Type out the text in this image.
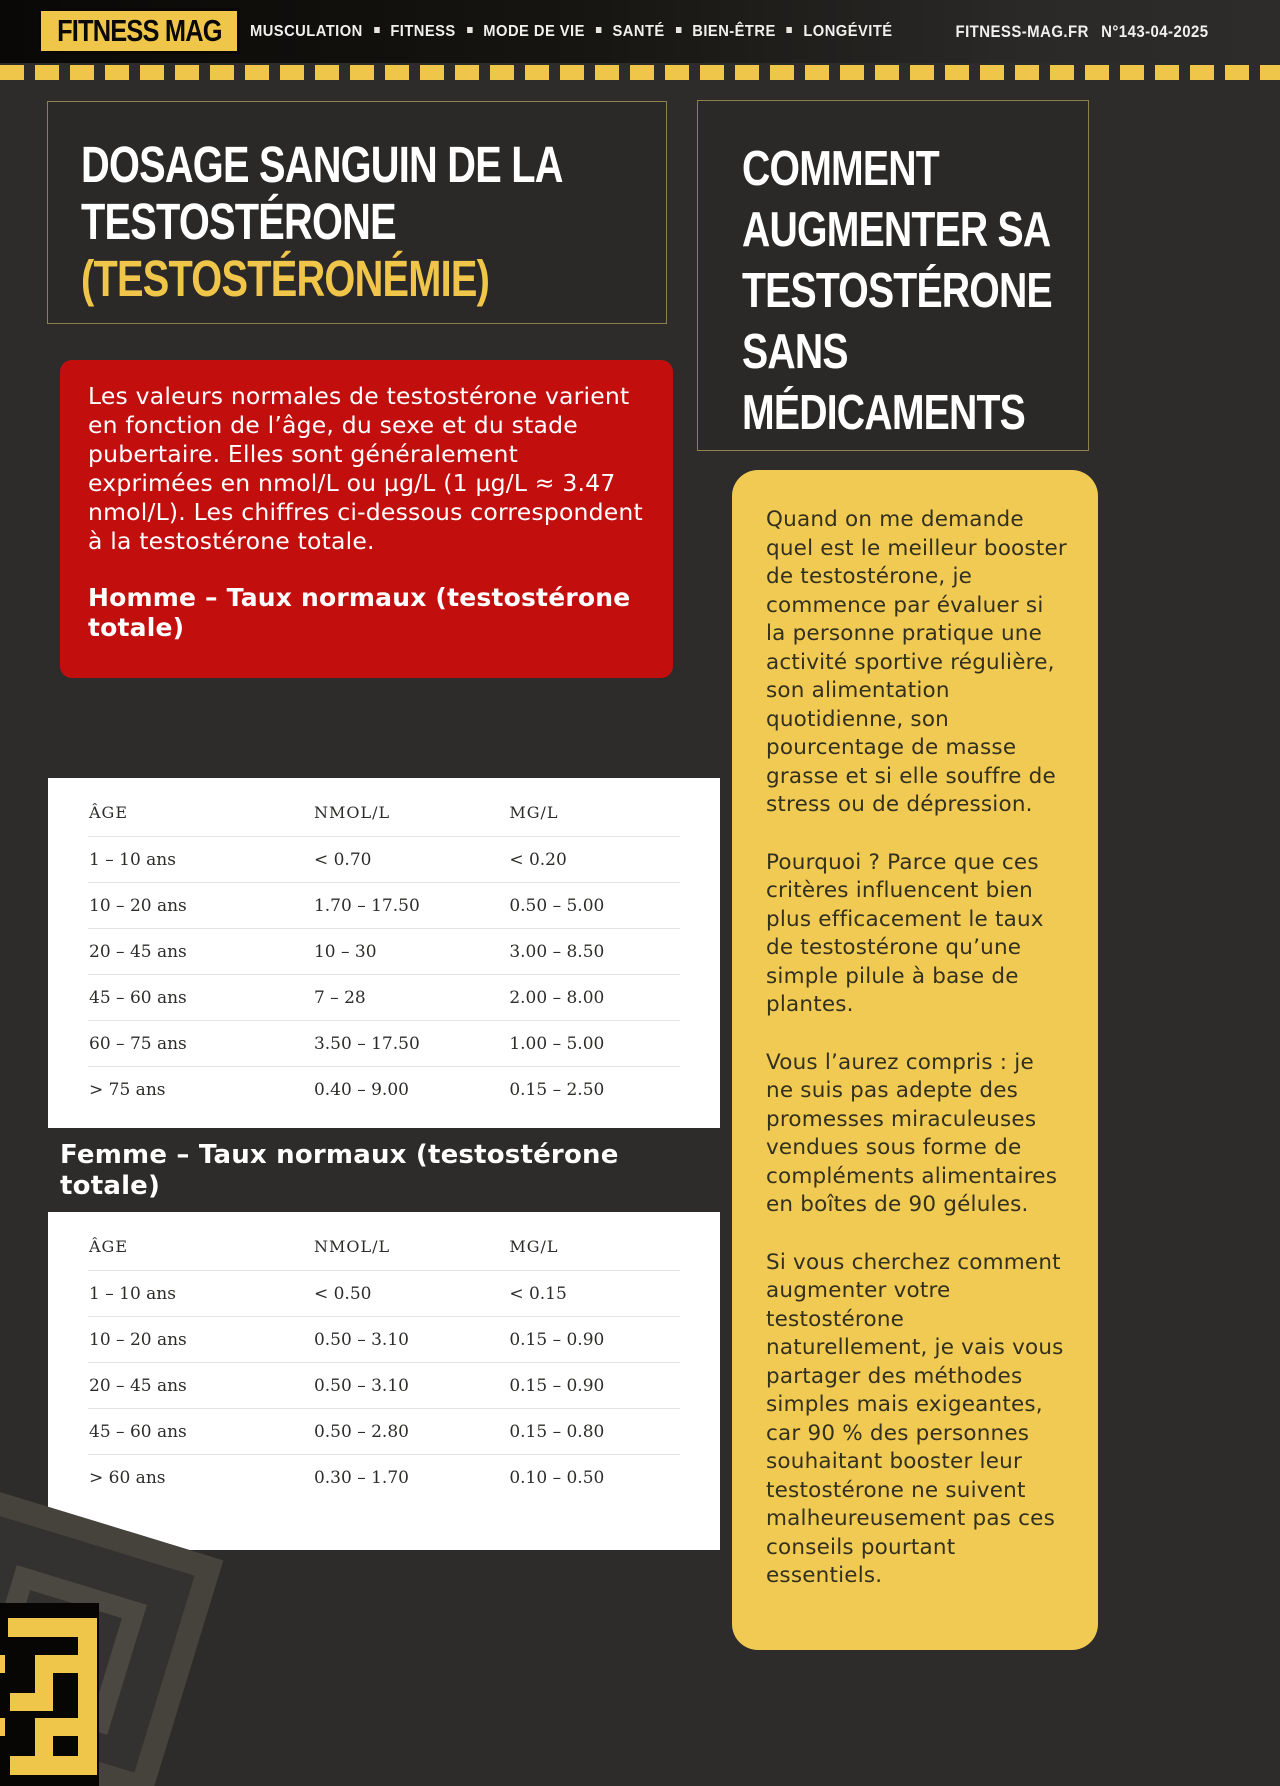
FITNESS MAG MUSCULATION	FITNESS	MODE DE VIE	SANTÉ	BIEN-ÊTRE	LONGÉVITÉ	FITNESS-MAG.FR N°143-04-2025
DOSAGE SANGUIN DE LA
TESTOSTÉRONE
(TESTOSTÉRONÉMIE)

Les valeurs normales de testostérone varient en fonction de l’âge, du sexe et du stade pubertaire. Elles sont généralement exprimées en nmol/L ou µg/L (1 µg/L ≈ 3.47 nmol/L). Les chiffres ci-dessous correspondent à la testostérone totale.

Homme – Taux normaux (testostérone totale)

ÂGE	NMOL/L	MG/L
1 – 10 ans	< 0.70	< 0.20
10 – 20 ans	1.70 – 17.50	0.50 – 5.00
20 – 45 ans	10 – 30	3.00 – 8.50
45 – 60 ans	7 – 28	2.00 – 8.00
60 – 75 ans	3.50 – 17.50	1.00 – 5.00
> 75 ans	0.40 – 9.00	0.15 – 2.50
Femme – Taux normaux (testostérone totale)
ÂGE	NMOL/L	MG/L
1 – 10 ans	< 0.50	< 0.15
10 – 20 ans	0.50 – 3.10	0.15 – 0.90
20 – 45 ans	0.50 – 3.10	0.15 – 0.90
45 – 60 ans	0.50 – 2.80	0.15 – 0.80
> 60 ans	0.30 – 1.70	0.10 – 0.50
COMMENT
AUGMENTER SA
TESTOSTÉRONE
SANS
MÉDICAMENTS

Quand on me demande quel est le meilleur booster de testostérone, je commence par évaluer si la personne pratique une activité sportive régulière, son alimentation quotidienne, son pourcentage de masse grasse et si elle souffre de stress ou de dépression.

Pourquoi ? Parce que ces critères influencent bien plus efficacement le taux de testostérone qu’une simple pilule à base de plantes.

Vous l’aurez compris : je ne suis pas adepte des promesses miraculeuses vendues sous forme de compléments alimentaires en boîtes de 90 gélules.

Si vous cherchez comment augmenter votre testostérone naturellement, je vais vous partager des méthodes simples mais exigeantes, car 90 % des personnes souhaitant booster leur testostérone ne suivent malheureusement pas ces conseils pourtant essentiels.
